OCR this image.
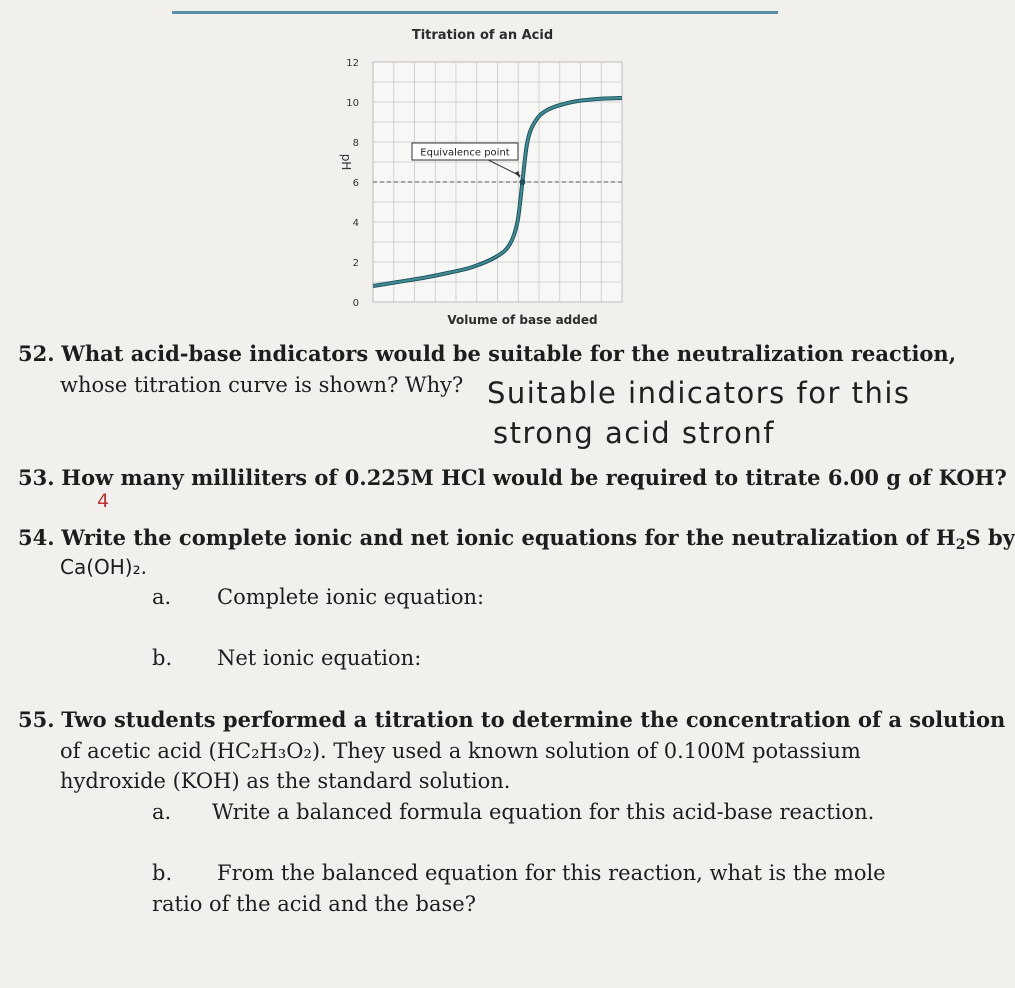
Titration of an Acid
0
2
4
6
8
10
12
pH
Volume of base added
Equivalence point
52. What acid-base indicators would be suitable for the neutralization reaction,
whose titration curve is shown? Why? Suitable indicators for this
strong acid stronf
53. How many milliliters of 0.225M HCl would be required to titrate 6.00 g of KOH?
4
54. Write the complete ionic and net ionic equations for the neutralization of $H_2S$ by
Ca(OH)₂.
a. Complete ionic equation:
b. Net ionic equation:
55. Two students performed a titration to determine the concentration of a solution
of acetic acid (HC₂H₃O₂). They used a known solution of 0.100M potassium
hydroxide (KOH) as the standard solution.
a. Write a balanced formula equation for this acid-base reaction.
b. From the balanced equation for this reaction, what is the mole
ratio of the acid and the base?
